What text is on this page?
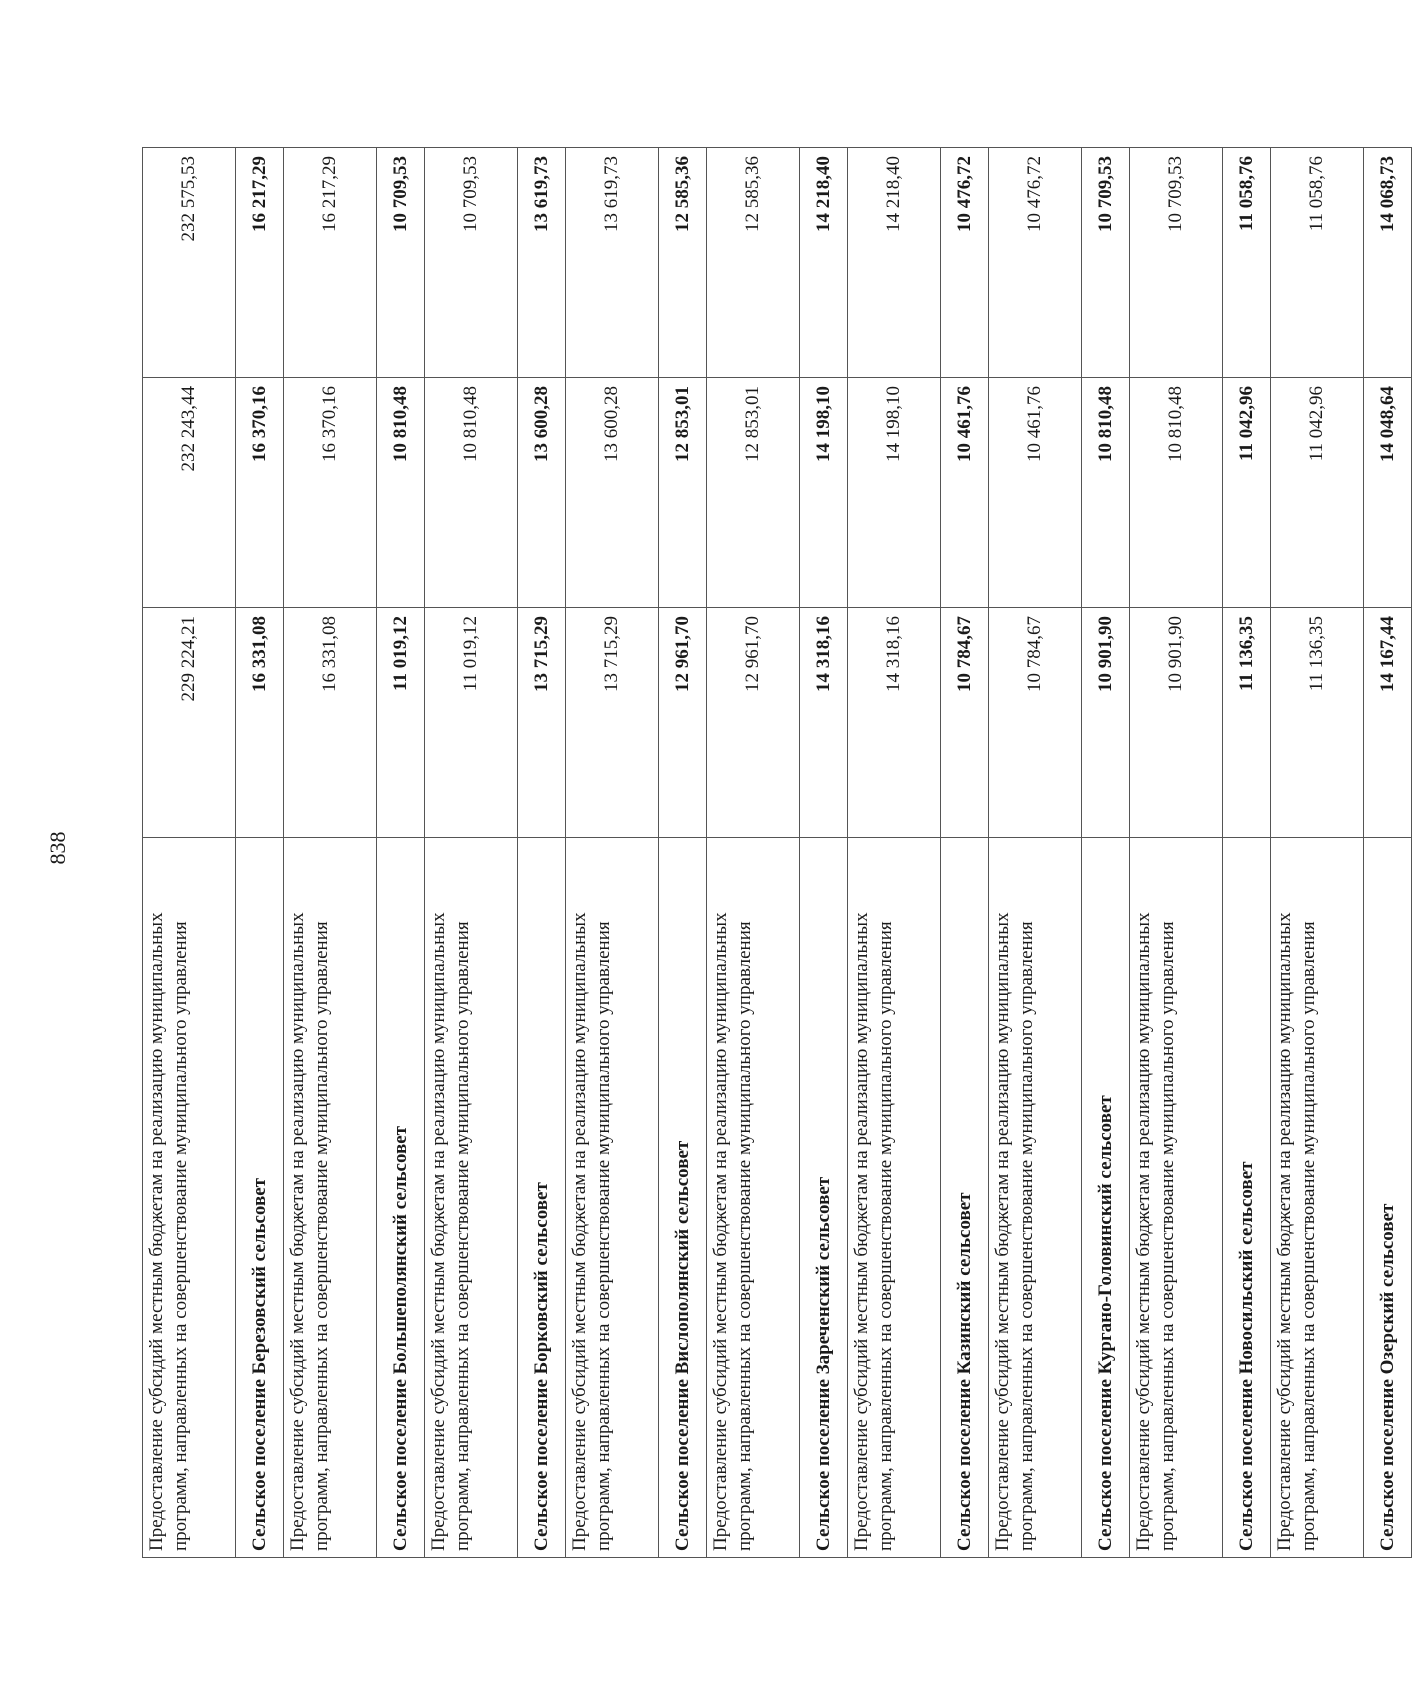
838
Предоставление субсидий местным бюджетам на реализацию муниципальных программ, направленных на совершенствование муниципального управления	229 224,21	232 243,44	232 575,53
Сельское поселение Березовский сельсовет	16 331,08	16 370,16	16 217,29
Предоставление субсидий местным бюджетам на реализацию муниципальных программ, направленных на совершенствование муниципального управления	16 331,08	16 370,16	16 217,29
Сельское поселение Большеполянский сельсовет	11 019,12	10 810,48	10 709,53
Предоставление субсидий местным бюджетам на реализацию муниципальных программ, направленных на совершенствование муниципального управления	11 019,12	10 810,48	10 709,53
Сельское поселение Борковский сельсовет	13 715,29	13 600,28	13 619,73
Предоставление субсидий местным бюджетам на реализацию муниципальных программ, направленных на совершенствование муниципального управления	13 715,29	13 600,28	13 619,73
Сельское поселение Вислополянский сельсовет	12 961,70	12 853,01	12 585,36
Предоставление субсидий местным бюджетам на реализацию муниципальных программ, направленных на совершенствование муниципального управления	12 961,70	12 853,01	12 585,36
Сельское поселение Зареченский сельсовет	14 318,16	14 198,10	14 218,40
Предоставление субсидий местным бюджетам на реализацию муниципальных программ, направленных на совершенствование муниципального управления	14 318,16	14 198,10	14 218,40
Сельское поселение Казинский сельсовет	10 784,67	10 461,76	10 476,72
Предоставление субсидий местным бюджетам на реализацию муниципальных программ, направленных на совершенствование муниципального управления	10 784,67	10 461,76	10 476,72
Сельское поселение Кургано-Головинский сельсовет	10 901,90	10 810,48	10 709,53
Предоставление субсидий местным бюджетам на реализацию муниципальных программ, направленных на совершенствование муниципального управления	10 901,90	10 810,48	10 709,53
Сельское поселение Новосильский сельсовет	11 136,35	11 042,96	11 058,76
Предоставление субсидий местным бюджетам на реализацию муниципальных программ, направленных на совершенствование муниципального управления	11 136,35	11 042,96	11 058,76
Сельское поселение Озерский сельсовет	14 167,44	14 048,64	14 068,73
